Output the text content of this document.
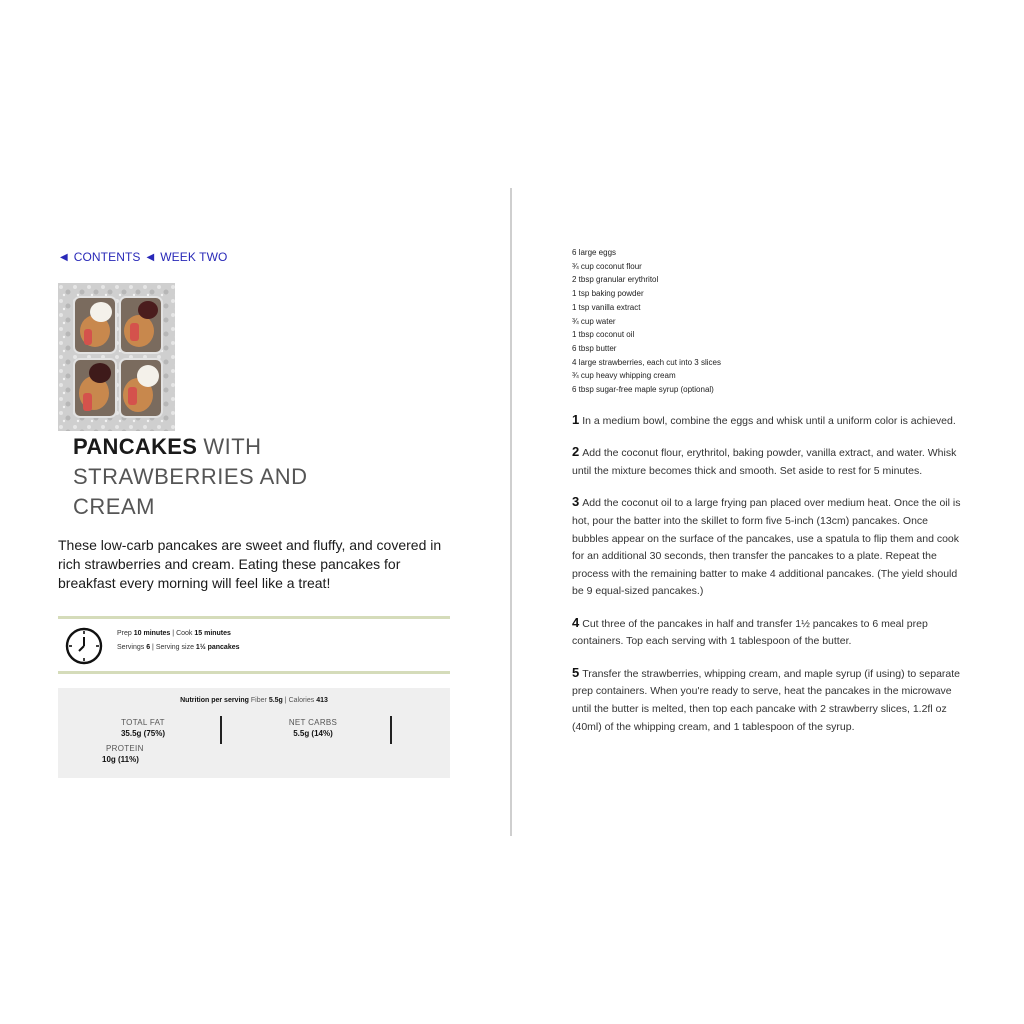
◀ CONTENTS ◀ WEEK TWO
PANCAKES WITH
STRAWBERRIES AND
CREAM

These low-carb pancakes are sweet and fluffy, and covered in rich strawberries and cream. Eating these pancakes for breakfast every morning will feel like a treat!

Prep 10 minutes | Cook 15 minutes
Servings 6 | Serving size 1½ pancakes
Nutrition per serving Fiber 5.5g | Calories 413
TOTAL FAT
35.5g (75%)
NET CARBS
5.5g (14%)
PROTEIN
10g (11%)
6 large eggs
¾ cup coconut flour
2 tbsp granular erythritol
1 tsp baking powder
1 tsp vanilla extract
¾ cup water
1 tbsp coconut oil
6 tbsp butter
4 large strawberries, each cut into 3 slices
¾ cup heavy whipping cream
6 tbsp sugar-free maple syrup (optional)
1 In a medium bowl, combine the eggs and whisk until a uniform color is achieved.
2 Add the coconut flour, erythritol, baking powder, vanilla extract, and water. Whisk until the mixture becomes thick and smooth. Set aside to rest for 5 minutes.
3 Add the coconut oil to a large frying pan placed over medium heat. Once the oil is hot, pour the batter into the skillet to form five 5-inch (13cm) pancakes. Once bubbles appear on the surface of the pancakes, use a spatula to flip them and cook for an additional 30 seconds, then transfer the pancakes to a plate. Repeat the process with the remaining batter to make 4 additional pancakes. (The yield should be 9 equal-sized pancakes.)
4 Cut three of the pancakes in half and transfer 1½ pancakes to 6 meal prep containers. Top each serving with 1 tablespoon of the butter.
5 Transfer the strawberries, whipping cream, and maple syrup (if using) to separate prep containers. When you're ready to serve, heat the pancakes in the microwave until the butter is melted, then top each pancake with 2 strawberry slices, 1.2fl oz (40ml) of the whipping cream, and 1 tablespoon of the syrup.
